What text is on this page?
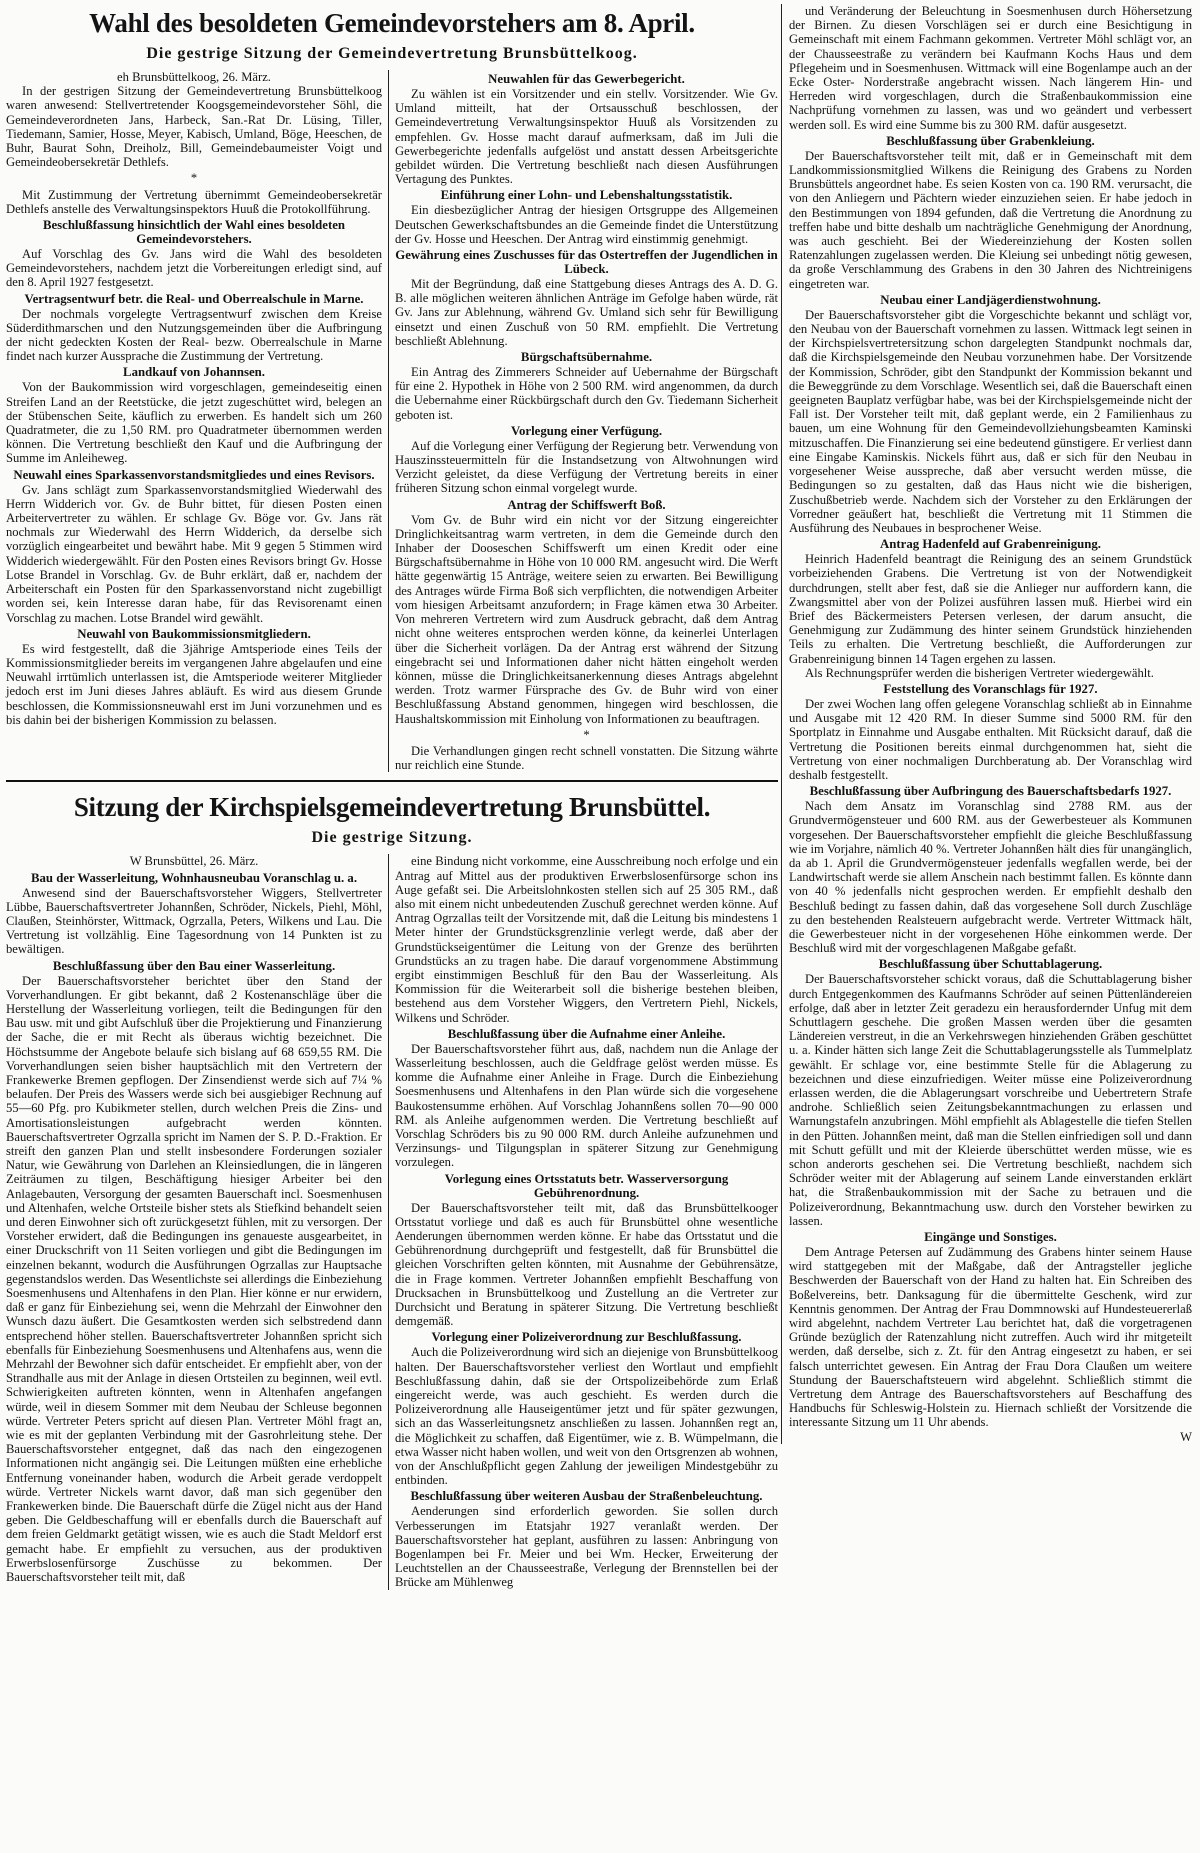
Wahl des besoldeten Gemeindevorstehers am 8. April.
Die gestrige Sitzung der Gemeindevertretung Brunsbüttelkoog.

eh Brunsbüttelkoog, 26. März.

In der gestrigen Sitzung der Gemeindevertretung Brunsbüttelkoog waren anwesend: Stellvertretender Koogsgemeindevorsteher Söhl, die Gemeindeverordneten Jans, Harbeck, San.-Rat Dr. Lüsing, Tiller, Tiedemann, Samier, Hosse, Meyer, Kabisch, Umland, Böge, Heeschen, de Buhr, Baurat Sohn, Dreiholz, Bill, Gemeindebaumeister Voigt und Gemeindeobersekretär Dethlefs.

*

Mit Zustimmung der Vertretung übernimmt Gemeindeobersekretär Dethlefs anstelle des Verwaltungsinspektors Huuß die Protokollführung.

Beschlußfassung hinsichtlich der Wahl eines besoldeten Gemeindevorstehers.

Auf Vorschlag des Gv. Jans wird die Wahl des besoldeten Gemeindevorstehers, nachdem jetzt die Vorbereitungen erledigt sind, auf den 8. April 1927 festgesetzt.

Vertragsentwurf betr. die Real- und Oberrealschule in Marne.

Der nochmals vorgelegte Vertragsentwurf zwischen dem Kreise Süderdithmarschen und den Nutzungsgemeinden über die Aufbringung der nicht gedeckten Kosten der Real- bezw. Oberrealschule in Marne findet nach kurzer Aussprache die Zustimmung der Vertretung.

Landkauf von Johannsen.

Von der Baukommission wird vorgeschlagen, gemeindeseitig einen Streifen Land an der Reetstücke, die jetzt zugeschüttet wird, belegen an der Stübenschen Seite, käuflich zu erwerben. Es handelt sich um 260 Quadratmeter, die zu 1,50 RM. pro Quadratmeter übernommen werden können. Die Vertretung beschließt den Kauf und die Aufbringung der Summe im Anleiheweg.

Neuwahl eines Sparkassenvorstandsmitgliedes und eines Revisors.

Gv. Jans schlägt zum Sparkassenvorstandsmitglied Wiederwahl des Herrn Widderich vor. Gv. de Buhr bittet, für diesen Posten einen Arbeitervertreter zu wählen. Er schlage Gv. Böge vor. Gv. Jans rät nochmals zur Wiederwahl des Herrn Widderich, da derselbe sich vorzüglich eingearbeitet und bewährt habe. Mit 9 gegen 5 Stimmen wird Widderich wiedergewählt. Für den Posten eines Revisors bringt Gv. Hosse Lotse Brandel in Vorschlag. Gv. de Buhr erklärt, daß er, nachdem der Arbeiterschaft ein Posten für den Sparkassenvorstand nicht zugebilligt worden sei, kein Interesse daran habe, für das Revisorenamt einen Vorschlag zu machen. Lotse Brandel wird gewählt.

Neuwahl von Baukommissionsmitgliedern.

Es wird festgestellt, daß die 3jährige Amtsperiode eines Teils der Kommissionsmitglieder bereits im vergangenen Jahre abgelaufen und eine Neuwahl irrtümlich unterlassen ist, die Amtsperiode weiterer Mitglieder jedoch erst im Juni dieses Jahres abläuft. Es wird aus diesem Grunde beschlossen, die Kommissionsneuwahl erst im Juni vorzunehmen und es bis dahin bei der bisherigen Kommission zu belassen.

Neuwahlen für das Gewerbegericht.

Zu wählen ist ein Vorsitzender und ein stellv. Vorsitzender. Wie Gv. Umland mitteilt, hat der Ortsausschuß beschlossen, der Gemeindevertretung Verwaltungsinspektor Huuß als Vorsitzenden zu empfehlen. Gv. Hosse macht darauf aufmerksam, daß im Juli die Gewerbegerichte jedenfalls aufgelöst und anstatt dessen Arbeitsgerichte gebildet würden. Die Vertretung beschließt nach diesen Ausführungen Vertagung des Punktes.

Einführung einer Lohn- und Lebenshaltungsstatistik.

Ein diesbezüglicher Antrag der hiesigen Ortsgruppe des Allgemeinen Deutschen Gewerkschaftsbundes an die Gemeinde findet die Unterstützung der Gv. Hosse und Heeschen. Der Antrag wird einstimmig genehmigt.

Gewährung eines Zuschusses für das Ostertreffen der Jugendlichen in Lübeck.

Mit der Begründung, daß eine Stattgebung dieses Antrags des A. D. G. B. alle möglichen weiteren ähnlichen Anträge im Gefolge haben würde, rät Gv. Jans zur Ablehnung, während Gv. Umland sich sehr für Bewilligung einsetzt und einen Zuschuß von 50 RM. empfiehlt. Die Vertretung beschließt Ablehnung.

Bürgschaftsübernahme.

Ein Antrag des Zimmerers Schneider auf Uebernahme der Bürgschaft für eine 2. Hypothek in Höhe von 2 500 RM. wird angenommen, da durch die Uebernahme einer Rückbürgschaft durch den Gv. Tiedemann Sicherheit geboten ist.

Vorlegung einer Verfügung.

Auf die Vorlegung einer Verfügung der Regierung betr. Verwendung von Hauszinssteuermitteln für die Instandsetzung von Altwohnungen wird Verzicht geleistet, da diese Verfügung der Vertretung bereits in einer früheren Sitzung schon einmal vorgelegt wurde.

Antrag der Schiffswerft Boß.

Vom Gv. de Buhr wird ein nicht vor der Sitzung eingereichter Dringlichkeitsantrag warm vertreten, in dem die Gemeinde durch den Inhaber der Dooseschen Schiffswerft um einen Kredit oder eine Bürgschaftsübernahme in Höhe von 10 000 RM. angesucht wird. Die Werft hätte gegenwärtig 15 Anträge, weitere seien zu erwarten. Bei Bewilligung des Antrages würde Firma Boß sich verpflichten, die notwendigen Arbeiter vom hiesigen Arbeitsamt anzufordern; in Frage kämen etwa 30 Arbeiter. Von mehreren Vertretern wird zum Ausdruck gebracht, daß dem Antrag nicht ohne weiteres entsprochen werden könne, da keinerlei Unterlagen über die Sicherheit vorlägen. Da der Antrag erst während der Sitzung eingebracht sei und Informationen daher nicht hätten eingeholt werden können, müsse die Dringlichkeitsanerkennung dieses Antrags abgelehnt werden. Trotz warmer Fürsprache des Gv. de Buhr wird von einer Beschlußfassung Abstand genommen, hingegen wird beschlossen, die Haushaltskommission mit Einholung von Informationen zu beauftragen.

*

Die Verhandlungen gingen recht schnell vonstatten. Die Sitzung währte nur reichlich eine Stunde.

Sitzung der Kirchspielsgemeindevertretung Brunsbüttel.
Die gestrige Sitzung.

W Brunsbüttel, 26. März.

Bau der Wasserleitung, Wohnhausneubau Voranschlag u. a.

Anwesend sind der Bauerschaftsvorsteher Wiggers, Stellvertreter Lübbe, Bauerschaftsvertreter Johannßen, Schröder, Nickels, Piehl, Möhl, Claußen, Steinhörster, Wittmack, Ogrzalla, Peters, Wilkens und Lau. Die Vertretung ist vollzählig. Eine Tagesordnung von 14 Punkten ist zu bewältigen.

Beschlußfassung über den Bau einer Wasserleitung.

Der Bauerschaftsvorsteher berichtet über den Stand der Vorverhandlungen. Er gibt bekannt, daß 2 Kostenanschläge über die Herstellung der Wasserleitung vorliegen, teilt die Bedingungen für den Bau usw. mit und gibt Aufschluß über die Projektierung und Finanzierung der Sache, die er mit Recht als überaus wichtig bezeichnet. Die Höchstsumme der Angebote belaufe sich bislang auf 68 659,55 RM. Die Vorverhandlungen seien bisher hauptsächlich mit den Vertretern der Frankewerke Bremen gepflogen. Der Zinsendienst werde sich auf 7¼ % belaufen. Der Preis des Wassers werde sich bei ausgiebiger Rechnung auf 55—60 Pfg. pro Kubikmeter stellen, durch welchen Preis die Zins- und Amortisationsleistungen aufgebracht werden könnten. Bauerschaftsvertreter Ogrzalla spricht im Namen der S. P. D.-Fraktion. Er streift den ganzen Plan und stellt insbesondere Forderungen sozialer Natur, wie Gewährung von Darlehen an Kleinsiedlungen, die in längeren Zeiträumen zu tilgen, Beschäftigung hiesiger Arbeiter bei den Anlagebauten, Versorgung der gesamten Bauerschaft incl. Soesmenhusen und Altenhafen, welche Ortsteile bisher stets als Stiefkind behandelt seien und deren Einwohner sich oft zurückgesetzt fühlen, mit zu versorgen. Der Vorsteher erwidert, daß die Bedingungen ins genaueste ausgearbeitet, in einer Druckschrift von 11 Seiten vorliegen und gibt die Bedingungen im einzelnen bekannt, wodurch die Ausführungen Ogrzallas zur Hauptsache gegenstandslos werden. Das Wesentlichste sei allerdings die Einbeziehung Soesmenhusens und Altenhafens in den Plan. Hier könne er nur erwidern, daß er ganz für Einbeziehung sei, wenn die Mehrzahl der Einwohner den Wunsch dazu äußert. Die Gesamtkosten werden sich selbstredend dann entsprechend höher stellen. Bauerschaftsvertreter Johannßen spricht sich ebenfalls für Einbeziehung Soesmenhusens und Altenhafens aus, wenn die Mehrzahl der Bewohner sich dafür entscheidet. Er empfiehlt aber, von der Strandhalle aus mit der Anlage in diesen Ortsteilen zu beginnen, weil evtl. Schwierigkeiten auftreten könnten, wenn in Altenhafen angefangen würde, weil in diesem Sommer mit dem Neubau der Schleuse begonnen würde. Vertreter Peters spricht auf diesen Plan. Vertreter Möhl fragt an, wie es mit der geplanten Verbindung mit der Gasrohrleitung stehe. Der Bauerschaftsvorsteher entgegnet, daß das nach den eingezogenen Informationen nicht angängig sei. Die Leitungen müßten eine erhebliche Entfernung voneinander haben, wodurch die Arbeit gerade verdoppelt würde. Vertreter Nickels warnt davor, daß man sich gegenüber den Frankewerken binde. Die Bauerschaft dürfe die Zügel nicht aus der Hand geben. Die Geldbeschaffung will er ebenfalls durch die Bauerschaft auf dem freien Geldmarkt getätigt wissen, wie es auch die Stadt Meldorf erst gemacht habe. Er empfiehlt zu versuchen, aus der produktiven Erwerbslosenfürsorge Zuschüsse zu bekommen. Der Bauerschaftsvorsteher teilt mit, daß

eine Bindung nicht vorkomme, eine Ausschreibung noch erfolge und ein Antrag auf Mittel aus der produktiven Erwerbslosenfürsorge schon ins Auge gefaßt sei. Die Arbeitslohnkosten stellen sich auf 25 305 RM., daß also mit einem nicht unbedeutenden Zuschuß gerechnet werden könne. Auf Antrag Ogrzallas teilt der Vorsitzende mit, daß die Leitung bis mindestens 1 Meter hinter der Grundstücksgrenzlinie verlegt werde, daß aber der Grundstückseigentümer die Leitung von der Grenze des berührten Grundstücks an zu tragen habe. Die darauf vorgenommene Abstimmung ergibt einstimmigen Beschluß für den Bau der Wasserleitung. Als Kommission für die Weiterarbeit soll die bisherige bestehen bleiben, bestehend aus dem Vorsteher Wiggers, den Vertretern Piehl, Nickels, Wilkens und Schröder.

Beschlußfassung über die Aufnahme einer Anleihe.

Der Bauerschaftsvorsteher führt aus, daß, nachdem nun die Anlage der Wasserleitung beschlossen, auch die Geldfrage gelöst werden müsse. Es komme die Aufnahme einer Anleihe in Frage. Durch die Einbeziehung Soesmenhusens und Altenhafens in den Plan würde sich die vorgesehene Baukostensumme erhöhen. Auf Vorschlag Johannßens sollen 70—90 000 RM. als Anleihe aufgenommen werden. Die Vertretung beschließt auf Vorschlag Schröders bis zu 90 000 RM. durch Anleihe aufzunehmen und Verzinsungs- und Tilgungsplan in späterer Sitzung zur Genehmigung vorzulegen.

Vorlegung eines Ortsstatuts betr. Wasserversorgung Gebührenordnung.

Der Bauerschaftsvorsteher teilt mit, daß das Brunsbüttelkooger Ortsstatut vorliege und daß es auch für Brunsbüttel ohne wesentliche Aenderungen übernommen werden könne. Er habe das Ortsstatut und die Gebührenordnung durchgeprüft und festgestellt, daß für Brunsbüttel die gleichen Vorschriften gelten könnten, mit Ausnahme der Gebührensätze, die in Frage kommen. Vertreter Johannßen empfiehlt Beschaffung von Drucksachen in Brunsbüttelkoog und Zustellung an die Vertreter zur Durchsicht und Beratung in späterer Sitzung. Die Vertretung beschließt demgemäß.

Vorlegung einer Polizeiverordnung zur Beschlußfassung.

Auch die Polizeiverordnung wird sich an diejenige von Brunsbüttelkoog halten. Der Bauerschaftsvorsteher verliest den Wortlaut und empfiehlt Beschlußfassung dahin, daß sie der Ortspolizeibehörde zum Erlaß eingereicht werde, was auch geschieht. Es werden durch die Polizeiverordnung alle Hauseigentümer jetzt und für später gezwungen, sich an das Wasserleitungsnetz anschließen zu lassen. Johannßen regt an, die Möglichkeit zu schaffen, daß Eigentümer, wie z. B. Wümpelmann, die etwa Wasser nicht haben wollen, und weit von den Ortsgrenzen ab wohnen, von der Anschlußpflicht gegen Zahlung der jeweiligen Mindestgebühr zu entbinden.

Beschlußfassung über weiteren Ausbau der Straßenbeleuchtung.

Aenderungen sind erforderlich geworden. Sie sollen durch Verbesserungen im Etatsjahr 1927 veranlaßt werden. Der Bauerschaftsvorsteher hat geplant, ausführen zu lassen: Anbringung von Bogenlampen bei Fr. Meier und bei Wm. Hecker, Erweiterung der Leuchtstellen an der Chausseestraße, Verlegung der Brennstellen bei der Brücke am Mühlenweg

und Veränderung der Beleuchtung in Soesmenhusen durch Höhersetzung der Birnen. Zu diesen Vorschlägen sei er durch eine Besichtigung in Gemeinschaft mit einem Fachmann gekommen. Vertreter Möhl schlägt vor, an der Chausseestraße zu verändern bei Kaufmann Kochs Haus und dem Pflegeheim und in Soesmenhusen. Wittmack will eine Bogenlampe auch an der Ecke Oster- Norderstraße angebracht wissen. Nach längerem Hin- und Herreden wird vorgeschlagen, durch die Straßenbaukommission eine Nachprüfung vornehmen zu lassen, was und wo geändert und verbessert werden soll. Es wird eine Summe bis zu 300 RM. dafür ausgesetzt.

Beschlußfassung über Grabenkleiung.

Der Bauerschaftsvorsteher teilt mit, daß er in Gemeinschaft mit dem Landkommissionsmitglied Wilkens die Reinigung des Grabens zu Norden Brunsbüttels angeordnet habe. Es seien Kosten von ca. 190 RM. verursacht, die von den Anliegern und Pächtern wieder einzuziehen seien. Er habe jedoch in den Bestimmungen von 1894 gefunden, daß die Vertretung die Anordnung zu treffen habe und bitte deshalb um nachträgliche Genehmigung der Anordnung, was auch geschieht. Bei der Wiedereinziehung der Kosten sollen Ratenzahlungen zugelassen werden. Die Kleiung sei unbedingt nötig gewesen, da große Verschlammung des Grabens in den 30 Jahren des Nichtreinigens eingetreten war.

Neubau einer Landjägerdienstwohnung.

Der Bauerschaftsvorsteher gibt die Vorgeschichte bekannt und schlägt vor, den Neubau von der Bauerschaft vornehmen zu lassen. Wittmack legt seinen in der Kirchspielsvertretersitzung schon dargelegten Standpunkt nochmals dar, daß die Kirchspielsgemeinde den Neubau vorzunehmen habe. Der Vorsitzende der Kommission, Schröder, gibt den Standpunkt der Kommission bekannt und die Beweggründe zu dem Vorschlage. Wesentlich sei, daß die Bauerschaft einen geeigneten Bauplatz verfügbar habe, was bei der Kirchspielsgemeinde nicht der Fall ist. Der Vorsteher teilt mit, daß geplant werde, ein 2 Familienhaus zu bauen, um eine Wohnung für den Gemeindevollziehungsbeamten Kaminski mitzuschaffen. Die Finanzierung sei eine bedeutend günstigere. Er verliest dann eine Eingabe Kaminskis. Nickels führt aus, daß er sich für den Neubau in vorgesehener Weise ausspreche, daß aber versucht werden müsse, die Bedingungen so zu gestalten, daß das Haus nicht wie die bisherigen, Zuschußbetrieb werde. Nachdem sich der Vorsteher zu den Erklärungen der Vorredner geäußert hat, beschließt die Vertretung mit 11 Stimmen die Ausführung des Neubaues in besprochener Weise.

Antrag Hadenfeld auf Grabenreinigung.

Heinrich Hadenfeld beantragt die Reinigung des an seinem Grundstück vorbeiziehenden Grabens. Die Vertretung ist von der Notwendigkeit durchdrungen, stellt aber fest, daß sie die Anlieger nur auffordern kann, die Zwangsmittel aber von der Polizei ausführen lassen muß. Hierbei wird ein Brief des Bäckermeisters Petersen verlesen, der darum ansucht, die Genehmigung zur Zudämmung des hinter seinem Grundstück hinziehenden Teils zu erhalten. Die Vertretung beschließt, die Aufforderungen zur Grabenreinigung binnen 14 Tagen ergehen zu lassen.

Als Rechnungsprüfer werden die bisherigen Vertreter wiedergewählt.

Feststellung des Voranschlags für 1927.

Der zwei Wochen lang offen gelegene Voranschlag schließt ab in Einnahme und Ausgabe mit 12 420 RM. In dieser Summe sind 5000 RM. für den Sportplatz in Einnahme und Ausgabe enthalten. Mit Rücksicht darauf, daß die Vertretung die Positionen bereits einmal durchgenommen hat, sieht die Vertretung von einer nochmaligen Durchberatung ab. Der Voranschlag wird deshalb festgestellt.

Beschlußfassung über Aufbringung des Bauerschaftsbedarfs 1927.

Nach dem Ansatz im Voranschlag sind 2788 RM. aus der Grundvermögensteuer und 600 RM. aus der Gewerbesteuer als Kommunen vorgesehen. Der Bauerschaftsvorsteher empfiehlt die gleiche Beschlußfassung wie im Vorjahre, nämlich 40 %. Vertreter Johannßen hält dies für unangänglich, da ab 1. April die Grundvermögensteuer jedenfalls wegfallen werde, bei der Landwirtschaft werde sie allem Anschein nach bestimmt fallen. Es könnte dann von 40 % jedenfalls nicht gesprochen werden. Er empfiehlt deshalb den Beschluß bedingt zu fassen dahin, daß das vorgesehene Soll durch Zuschläge zu den bestehenden Realsteuern aufgebracht werde. Vertreter Wittmack hält, die Gewerbesteuer nicht in der vorgesehenen Höhe einkommen werde. Der Beschluß wird mit der vorgeschlagenen Maßgabe gefaßt.

Beschlußfassung über Schuttablagerung.

Der Bauerschaftsvorsteher schickt voraus, daß die Schuttablagerung bisher durch Entgegenkommen des Kaufmanns Schröder auf seinen Püttenländereien erfolge, daß aber in letzter Zeit geradezu ein herausfordernder Unfug mit dem Schuttlagern geschehe. Die großen Massen werden über die gesamten Ländereien verstreut, in die an Verkehrswegen hinziehenden Gräben geschüttet u. a. Kinder hätten sich lange Zeit die Schuttablagerungsstelle als Tummelplatz gewählt. Er schlage vor, eine bestimmte Stelle für die Ablagerung zu bezeichnen und diese einzufriedigen. Weiter müsse eine Polizeiverordnung erlassen werden, die die Ablagerungsart vorschreibe und Uebertretern Strafe androhe. Schließlich seien Zeitungsbekanntmachungen zu erlassen und Warnungstafeln anzubringen. Möhl empfiehlt als Ablagestelle die tiefen Stellen in den Pütten. Johannßen meint, daß man die Stellen einfriedigen soll und dann mit Schutt gefüllt und mit der Kleierde überschüttet werden müsse, wie es schon anderorts geschehen sei. Die Vertretung beschließt, nachdem sich Schröder weiter mit der Ablagerung auf seinem Lande einverstanden erklärt hat, die Straßenbaukommission mit der Sache zu betrauen und die Polizeiverordnung, Bekanntmachung usw. durch den Vorsteher bewirken zu lassen.

Eingänge und Sonstiges.

Dem Antrage Petersen auf Zudämmung des Grabens hinter seinem Hause wird stattgegeben mit der Maßgabe, daß der Antragsteller jegliche Beschwerden der Bauerschaft von der Hand zu halten hat. Ein Schreiben des Boßelvereins, betr. Danksagung für die übermittelte Geschenk, wird zur Kenntnis genommen. Der Antrag der Frau Dommnowski auf Hundesteuererlaß wird abgelehnt, nachdem Vertreter Lau berichtet hat, daß die vorgetragenen Gründe bezüglich der Ratenzahlung nicht zutreffen. Auch wird ihr mitgeteilt werden, daß derselbe, sich z. Zt. für den Antrag eingesetzt zu haben, er sei falsch unterrichtet gewesen. Ein Antrag der Frau Dora Claußen um weitere Stundung der Bauerschaftsteuern wird abgelehnt. Schließlich stimmt die Vertretung dem Antrage des Bauerschaftsvorstehers auf Beschaffung des Handbuchs für Schleswig-Holstein zu. Hiernach schließt der Vorsitzende die interessante Sitzung um 11 Uhr abends.

W
